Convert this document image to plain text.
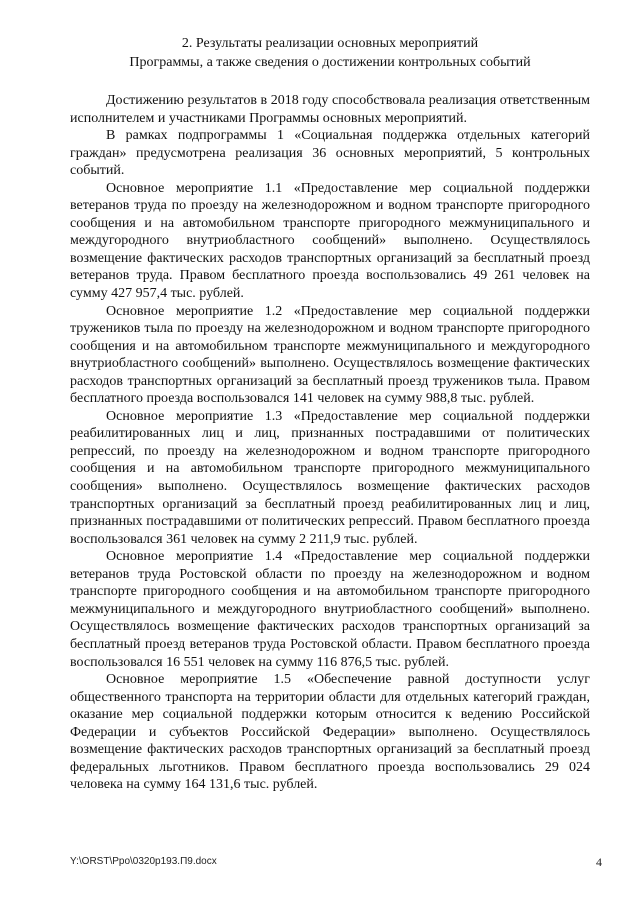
2. Результаты реализации основных мероприятий
Программы, а также сведения о достижении контрольных событий

Достижению результатов в 2018 году способствовала реализация ответственным исполнителем и участниками Программы основных мероприятий.

В рамках подпрограммы 1 «Социальная поддержка отдельных категорий граждан» предусмотрена реализация 36 основных мероприятий, 5 контрольных событий.

Основное мероприятие 1.1 «Предоставление мер социальной поддержки ветеранов труда по проезду на железнодорожном и водном транспорте пригородного сообщения и на автомобильном транспорте пригородного межмуниципального и междугородного внутриобластного сообщений» выполнено. Осуществлялось возмещение фактических расходов транспортных организаций за бесплатный проезд ветеранов труда. Правом бесплатного проезда воспользовались 49 261 человек на сумму 427 957,4 тыс. рублей.

Основное мероприятие 1.2 «Предоставление мер социальной поддержки тружеников тыла по проезду на железнодорожном и водном транспорте пригородного сообщения и на автомобильном транспорте межмуниципального и междугородного внутриобластного сообщений» выполнено. Осуществлялось возмещение фактических расходов транспортных организаций за бесплатный проезд тружеников тыла. Правом бесплатного проезда воспользовался 141 человек на сумму 988,8 тыс. рублей.

Основное мероприятие 1.3 «Предоставление мер социальной поддержки реабилитированных лиц и лиц, признанных пострадавшими от политических репрессий, по проезду на железнодорожном и водном транспорте пригородного сообщения и на автомобильном транспорте пригородного межмуниципального сообщения» выполнено. Осуществлялось возмещение фактических расходов транспортных организаций за бесплатный проезд реабилитированных лиц и лиц, признанных пострадавшими от политических репрессий. Правом бесплатного проезда воспользовался 361 человек на сумму 2 211,9 тыс. рублей.

Основное мероприятие 1.4 «Предоставление мер социальной поддержки ветеранов труда Ростовской области по проезду на железнодорожном и водном транспорте пригородного сообщения и на автомобильном транспорте пригородного межмуниципального и междугородного внутриобластного сообщений» выполнено. Осуществлялось возмещение фактических расходов транспортных организаций за бесплатный проезд ветеранов труда Ростовской области. Правом бесплатного проезда воспользовался 16 551 человек на сумму 116 876,5 тыс. рублей.

Основное мероприятие 1.5 «Обеспечение равной доступности услуг общественного транспорта на территории области для отдельных категорий граждан, оказание мер социальной поддержки которым относится к ведению Российской Федерации и субъектов Российской Федерации» выполнено. Осуществлялось возмещение фактических расходов транспортных организаций за бесплатный проезд федеральных льготников. Правом бесплатного проезда воспользовались 29 024 человека на сумму 164 131,6 тыс. рублей.

Y:\ORST\Ppo\0320p193.П9.docx	4
